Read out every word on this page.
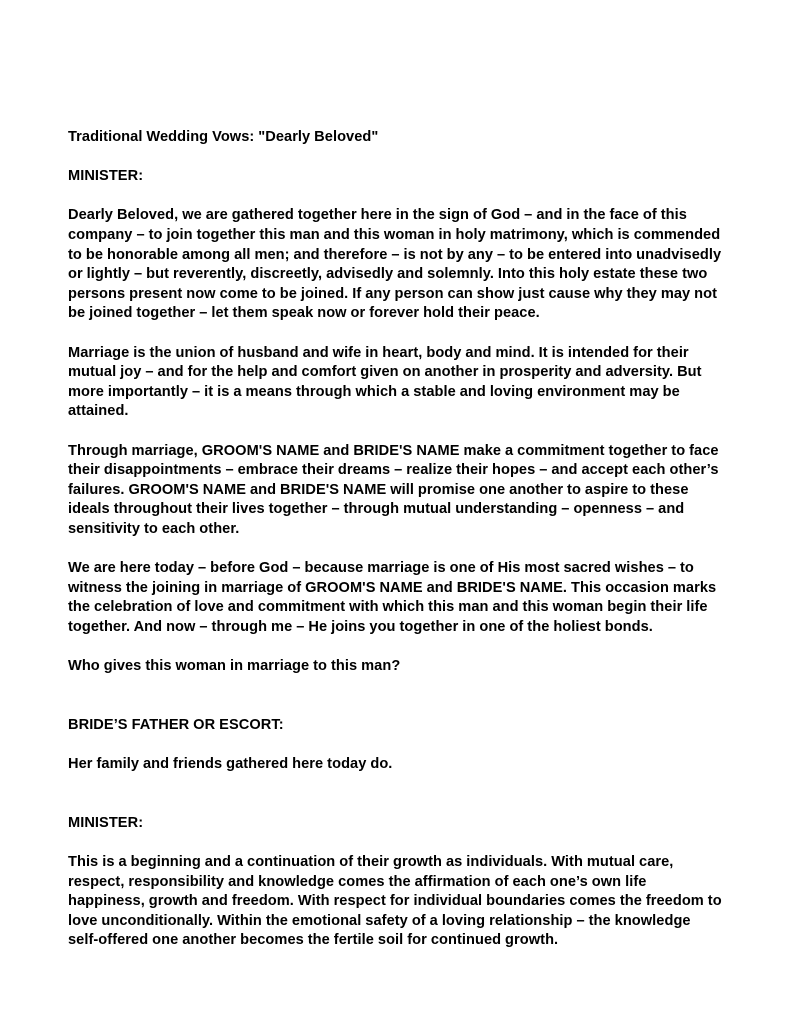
Traditional Wedding Vows: "Dearly Beloved"

MINISTER:

Dearly Beloved, we are gathered together here in the sign of God – and in the face of this company – to join together this man and this woman in holy matrimony, which is commended to be honorable among all men; and therefore – is not by any – to be entered into unadvisedly or lightly – but reverently, discreetly, advisedly and solemnly. Into this holy estate these two persons present now come to be joined. If any person can show just cause why they may not be joined together – let them speak now or forever hold their peace.

Marriage is the union of husband and wife in heart, body and mind. It is intended for their mutual joy – and for the help and comfort given on another in prosperity and adversity. But more importantly – it is a means through which a stable and loving environment may be attained.

Through marriage, GROOM'S NAME and BRIDE'S NAME make a commitment together to face their disappointments – embrace their dreams – realize their hopes – and accept each other’s failures. GROOM'S NAME and BRIDE'S NAME will promise one another to aspire to these ideals throughout their lives together – through mutual understanding – openness – and sensitivity to each other.

We are here today – before God – because marriage is one of His most sacred wishes – to witness the joining in marriage of GROOM'S NAME and BRIDE'S NAME. This occasion marks the celebration of love and commitment with which this man and this woman begin their life together. And now – through me – He joins you together in one of the holiest bonds.

Who gives this woman in marriage to this man?

BRIDE’S FATHER OR ESCORT:

Her family and friends gathered here today do.

MINISTER:

This is a beginning and a continuation of their growth as individuals. With mutual care, respect, responsibility and knowledge comes the affirmation of each one’s own life happiness, growth and freedom. With respect for individual boundaries comes the freedom to love unconditionally. Within the emotional safety of a loving relationship – the knowledge self-offered one another becomes the fertile soil for continued growth.
